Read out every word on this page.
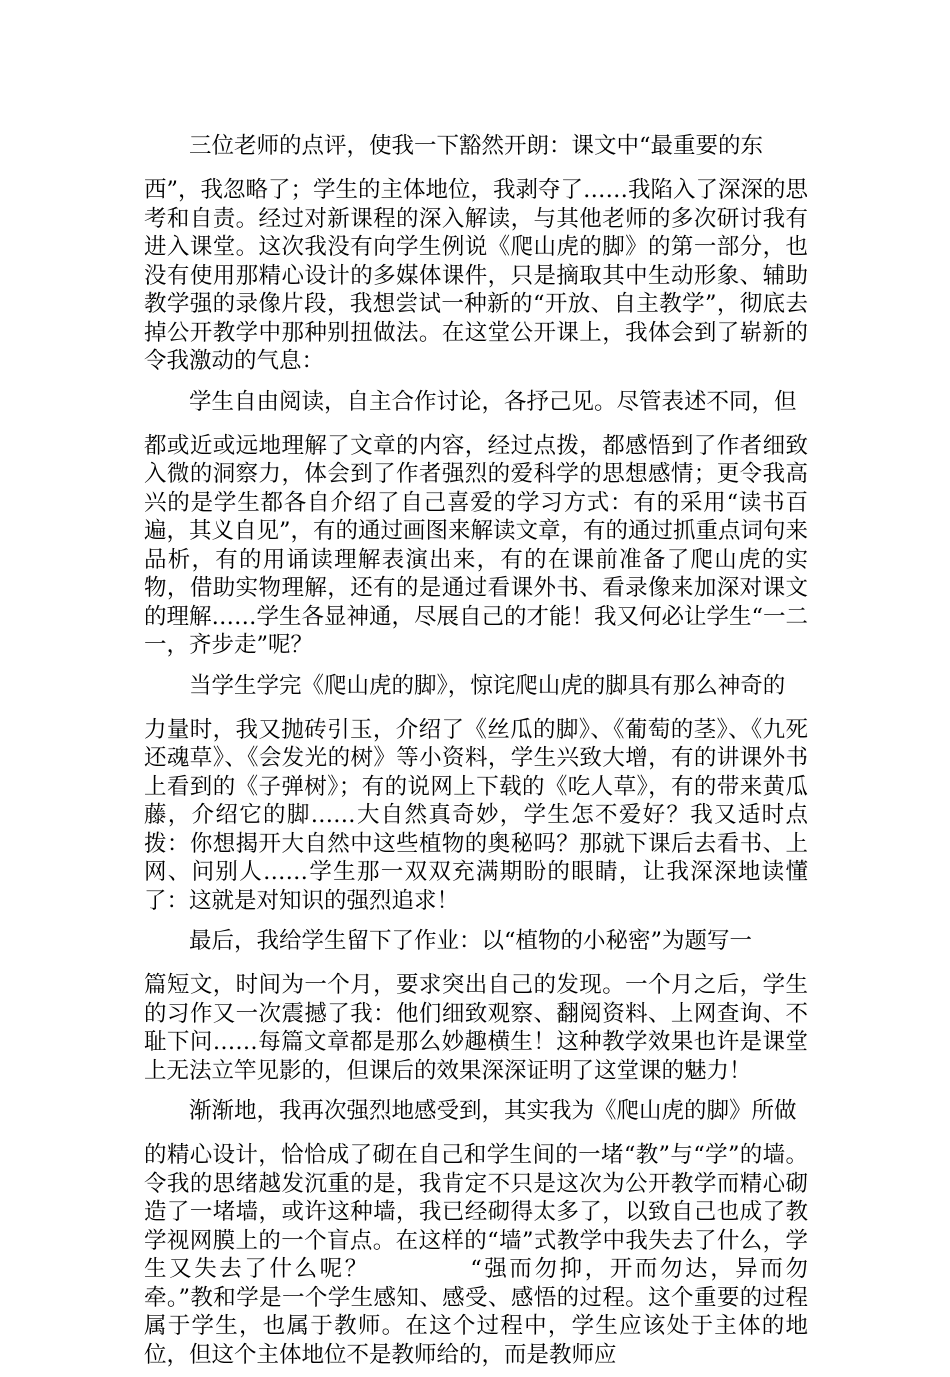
三位老师的点评，使我一下豁然开朗：课文中“最重要的东
西”，我忽略了；学生的主体地位，我剥夺了……我陷入了深深的思考和自责。经过对新课程的深入解读，与其他老师的多次研讨我有进入课堂。这次我没有向学生例说《爬山虎的脚》的第一部分，也没有使用那精心设计的多媒体课件，只是摘取其中生动形象、辅助教学强的录像片段，我想尝试一种新的“开放、自主教学”，彻底去掉公开教学中那种别扭做法。在这堂公开课上，我体会到了崭新的令我激动的气息：
学生自由阅读，自主合作讨论，各抒己见。尽管表述不同，但
都或近或远地理解了文章的内容，经过点拨，都感悟到了作者细致入微的洞察力，体会到了作者强烈的爱科学的思想感情；更令我高兴的是学生都各自介绍了自己喜爱的学习方式：有的采用“读书百遍，其义自见”，有的通过画图来解读文章，有的通过抓重点词句来品析，有的用诵读理解表演出来，有的在课前准备了爬山虎的实物，借助实物理解，还有的是通过看课外书、看录像来加深对课文的理解……学生各显神通，尽展自己的才能！我又何必让学生“一二一，齐步走”呢？
当学生学完《爬山虎的脚》，惊诧爬山虎的脚具有那么神奇的
力量时，我又抛砖引玉，介绍了《丝瓜的脚》、《葡萄的茎》、《九死还魂草》、《会发光的树》等小资料，学生兴致大增，有的讲课外书上看到的《子弹树》；有的说网上下载的《吃人草》，有的带来黄瓜藤，介绍它的脚……大自然真奇妙，学生怎不爱好？我又适时点拨：你想揭开大自然中这些植物的奥秘吗？那就下课后去看书、上网、问别人……学生那一双双充满期盼的眼睛，让我深深地读懂了：这就是对知识的强烈追求！
最后，我给学生留下了作业：以“植物的小秘密”为题写一
篇短文，时间为一个月，要求突出自己的发现。一个月之后，学生的习作又一次震撼了我：他们细致观察、翻阅资料、上网查询、不耻下问……每篇文章都是那么妙趣横生！这种教学效果也许是课堂上无法立竿见影的，但课后的效果深深证明了这堂课的魅力！
渐渐地，我再次强烈地感受到，其实我为《爬山虎的脚》所做
的精心设计，恰恰成了砌在自己和学生间的一堵“教”与“学”的墙。令我的思绪越发沉重的是，我肯定不只是这次为公开教学而精心砌造了一堵墙，或许这种墙，我已经砌得太多了，以致自己也成了教学视网膜上的一个盲点。在这样的“墙”式教学中我失去了什么，学生又失去了什么呢？　　　　“强而勿抑，开而勿达，异而勿牵。”教和学是一个学生感知、感受、感悟的过程。这个重要的过程属于学生，也属于教师。在这个过程中，学生应该处于主体的地位，但这个主体地位不是教师给的，而是教师应
